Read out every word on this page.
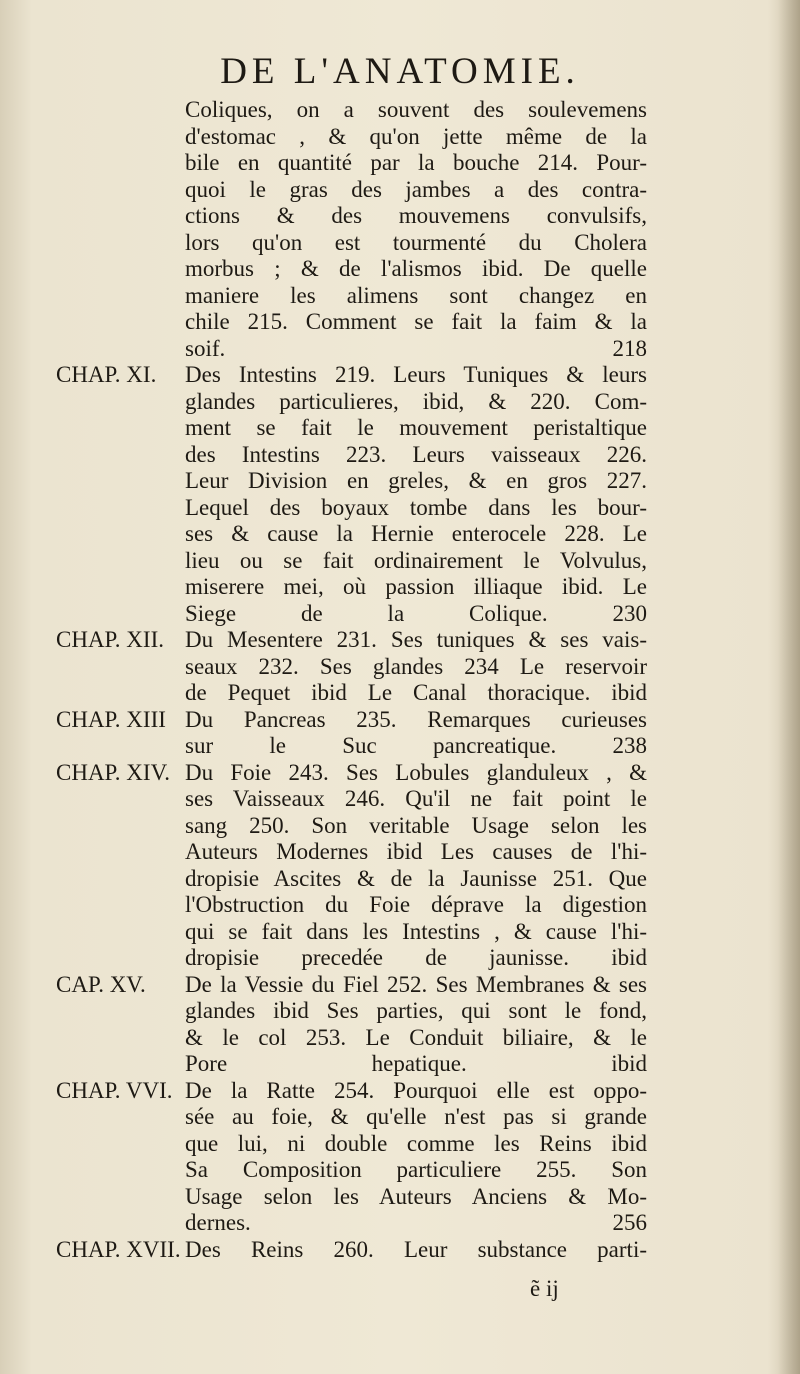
DE L'ANATOMIE.
Coliques, on a souvent des soulevemens
d'estomac , & qu'on jette même de la
bile en quantité par la bouche 214. Pour-
quoi le gras des jambes a des contra-
ctions & des mouvemens convulsifs,
lors qu'on est tourmenté du Cholera
morbus ; & de l'alismos ibid. De quelle
maniere les alimens sont changez en
chile 215. Comment se fait la faim & la
soif. 218
CHAP. XI. Des Intestins 219. Leurs Tuniques & leurs
glandes particulieres, ibid, & 220. Com-
ment se fait le mouvement peristaltique
des Intestins 223. Leurs vaisseaux 226.
Leur Division en greles, & en gros 227.
Lequel des boyaux tombe dans les bour-
ses & cause la Hernie enterocele 228. Le
lieu ou se fait ordinairement le Volvulus,
miserere mei, où passion illiaque ibid. Le
Siege de la Colique. 230
CHAP. XII. Du Mesentere 231. Ses tuniques & ses vais-
seaux 232. Ses glandes 234 Le reservoir
de Pequet ibid Le Canal thoracique. ibid
CHAP. XIII Du Pancreas 235. Remarques curieuses
sur le Suc pancreatique. 238
CHAP. XIV. Du Foie 243. Ses Lobules glanduleux , &
ses Vaisseaux 246. Qu'il ne fait point le
sang 250. Son veritable Usage selon les
Auteurs Modernes ibid Les causes de l'hi-
dropisie Ascites & de la Jaunisse 251. Que
l'Obstruction du Foie déprave la digestion
qui se fait dans les Intestins , & cause l'hi-
dropisie precedée de jaunisse. ibid
CAP. XV. De la Vessie du Fiel 252. Ses Membranes & ses
glandes ibid Ses parties, qui sont le fond,
& le col 253. Le Conduit biliaire, & le
Pore hepatique. ibid
CHAP. VVI. De la Ratte 254. Pourquoi elle est oppo-
sée au foie, & qu'elle n'est pas si grande
que lui, ni double comme les Reins ibid
Sa Composition particuliere 255. Son
Usage selon les Auteurs Anciens & Mo-
dernes. 256
CHAP. XVII. Des Reins 260. Leur substance parti-
ẽ ij
